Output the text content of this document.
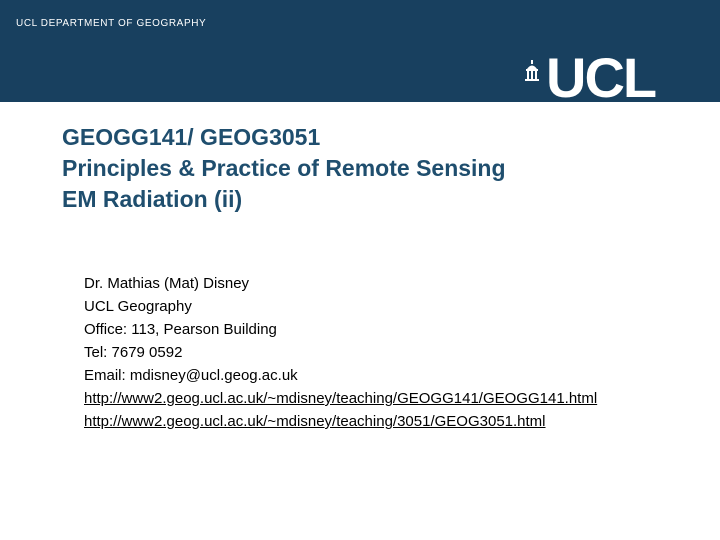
UCL DEPARTMENT OF GEOGRAPHY
UCL
GEOGG141/ GEOG3051
Principles & Practice of Remote Sensing
EM Radiation (ii)
Dr. Mathias (Mat) Disney
UCL Geography
Office: 113, Pearson Building
Tel: 7679 0592
Email: mdisney@ucl.geog.ac.uk
http://www2.geog.ucl.ac.uk/~mdisney/teaching/GEOGG141/GEOGG141.html
http://www2.geog.ucl.ac.uk/~mdisney/teaching/3051/GEOG3051.html
